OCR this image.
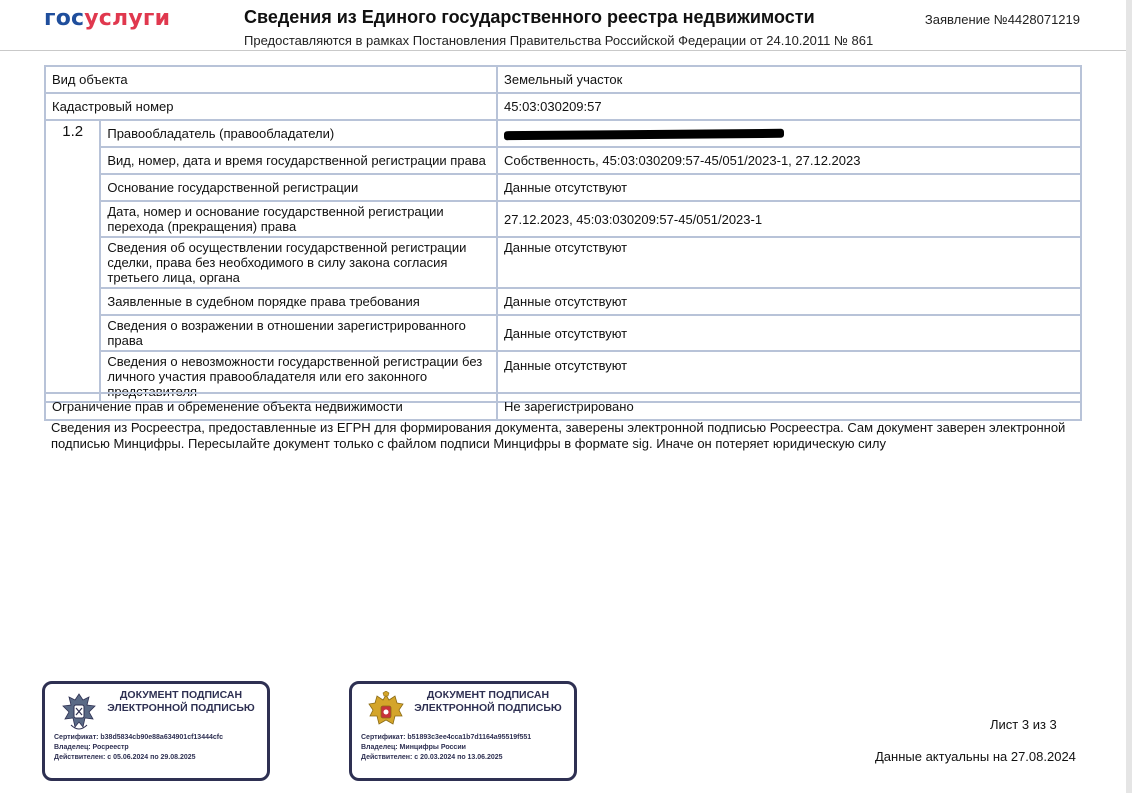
госуслуги	Сведения из Единого государственного реестра недвижимости
Предоставляются в рамках Постановления Правительства Российской Федерации от 24.10.2011 № 861
Заявление №4428071219
Вид объекта		Земельный участок
Кадастровый номер		45:03:030209:57
1.2	Правообладатель (правообладатели)	
	Вид, номер, дата и время государственной регистрации права	Собственность, 45:03:030209:57-45/051/2023-1, 27.12.2023
	Основание государственной регистрации	Данные отсутствуют
	Дата, номер и основание государственной регистрации перехода (прекращения) права	27.12.2023, 45:03:030209:57-45/051/2023-1
	Сведения об осуществлении государственной регистрации сделки, права без необходимого в силу закона согласия третьего лица, органа	Данные отсутствуют
	Заявленные в судебном порядке права требования	Данные отсутствуют
	Сведения о возражении в отношении зарегистрированного права	Данные отсутствуют
	Сведения о невозможности государственной регистрации без личного участия правообладателя или его законного представителя	Данные отсутствуют
Ограничение прав и обременение объекта недвижимости	Не зарегистрировано
Сведения из Росреестра, предоставленные из ЕГРН для формирования документа, заверены электронной подписью Росреестра. Сам документ заверен электронной подписью Минцифры. Пересылайте документ только с файлом подписи Минцифры в формате sig. Иначе он потеряет юридическую силу
ДОКУМЕНТ ПОДПИСАН ЭЛЕКТРОННОЙ ПОДПИСЬЮ
Сертификат: b38d5834cb90e88a634901cf13444cfc
Владелец: Росреестр
Действителен: с 05.06.2024 по 29.08.2025
ДОКУМЕНТ ПОДПИСАН ЭЛЕКТРОННОЙ ПОДПИСЬЮ
Сертификат: b51893c3ee4cca1b7d1164a95519f551
Владелец: Минцифры России
Действителен: с 20.03.2024 по 13.06.2025
Лист 3 из 3
Данные актуальны на 27.08.2024
